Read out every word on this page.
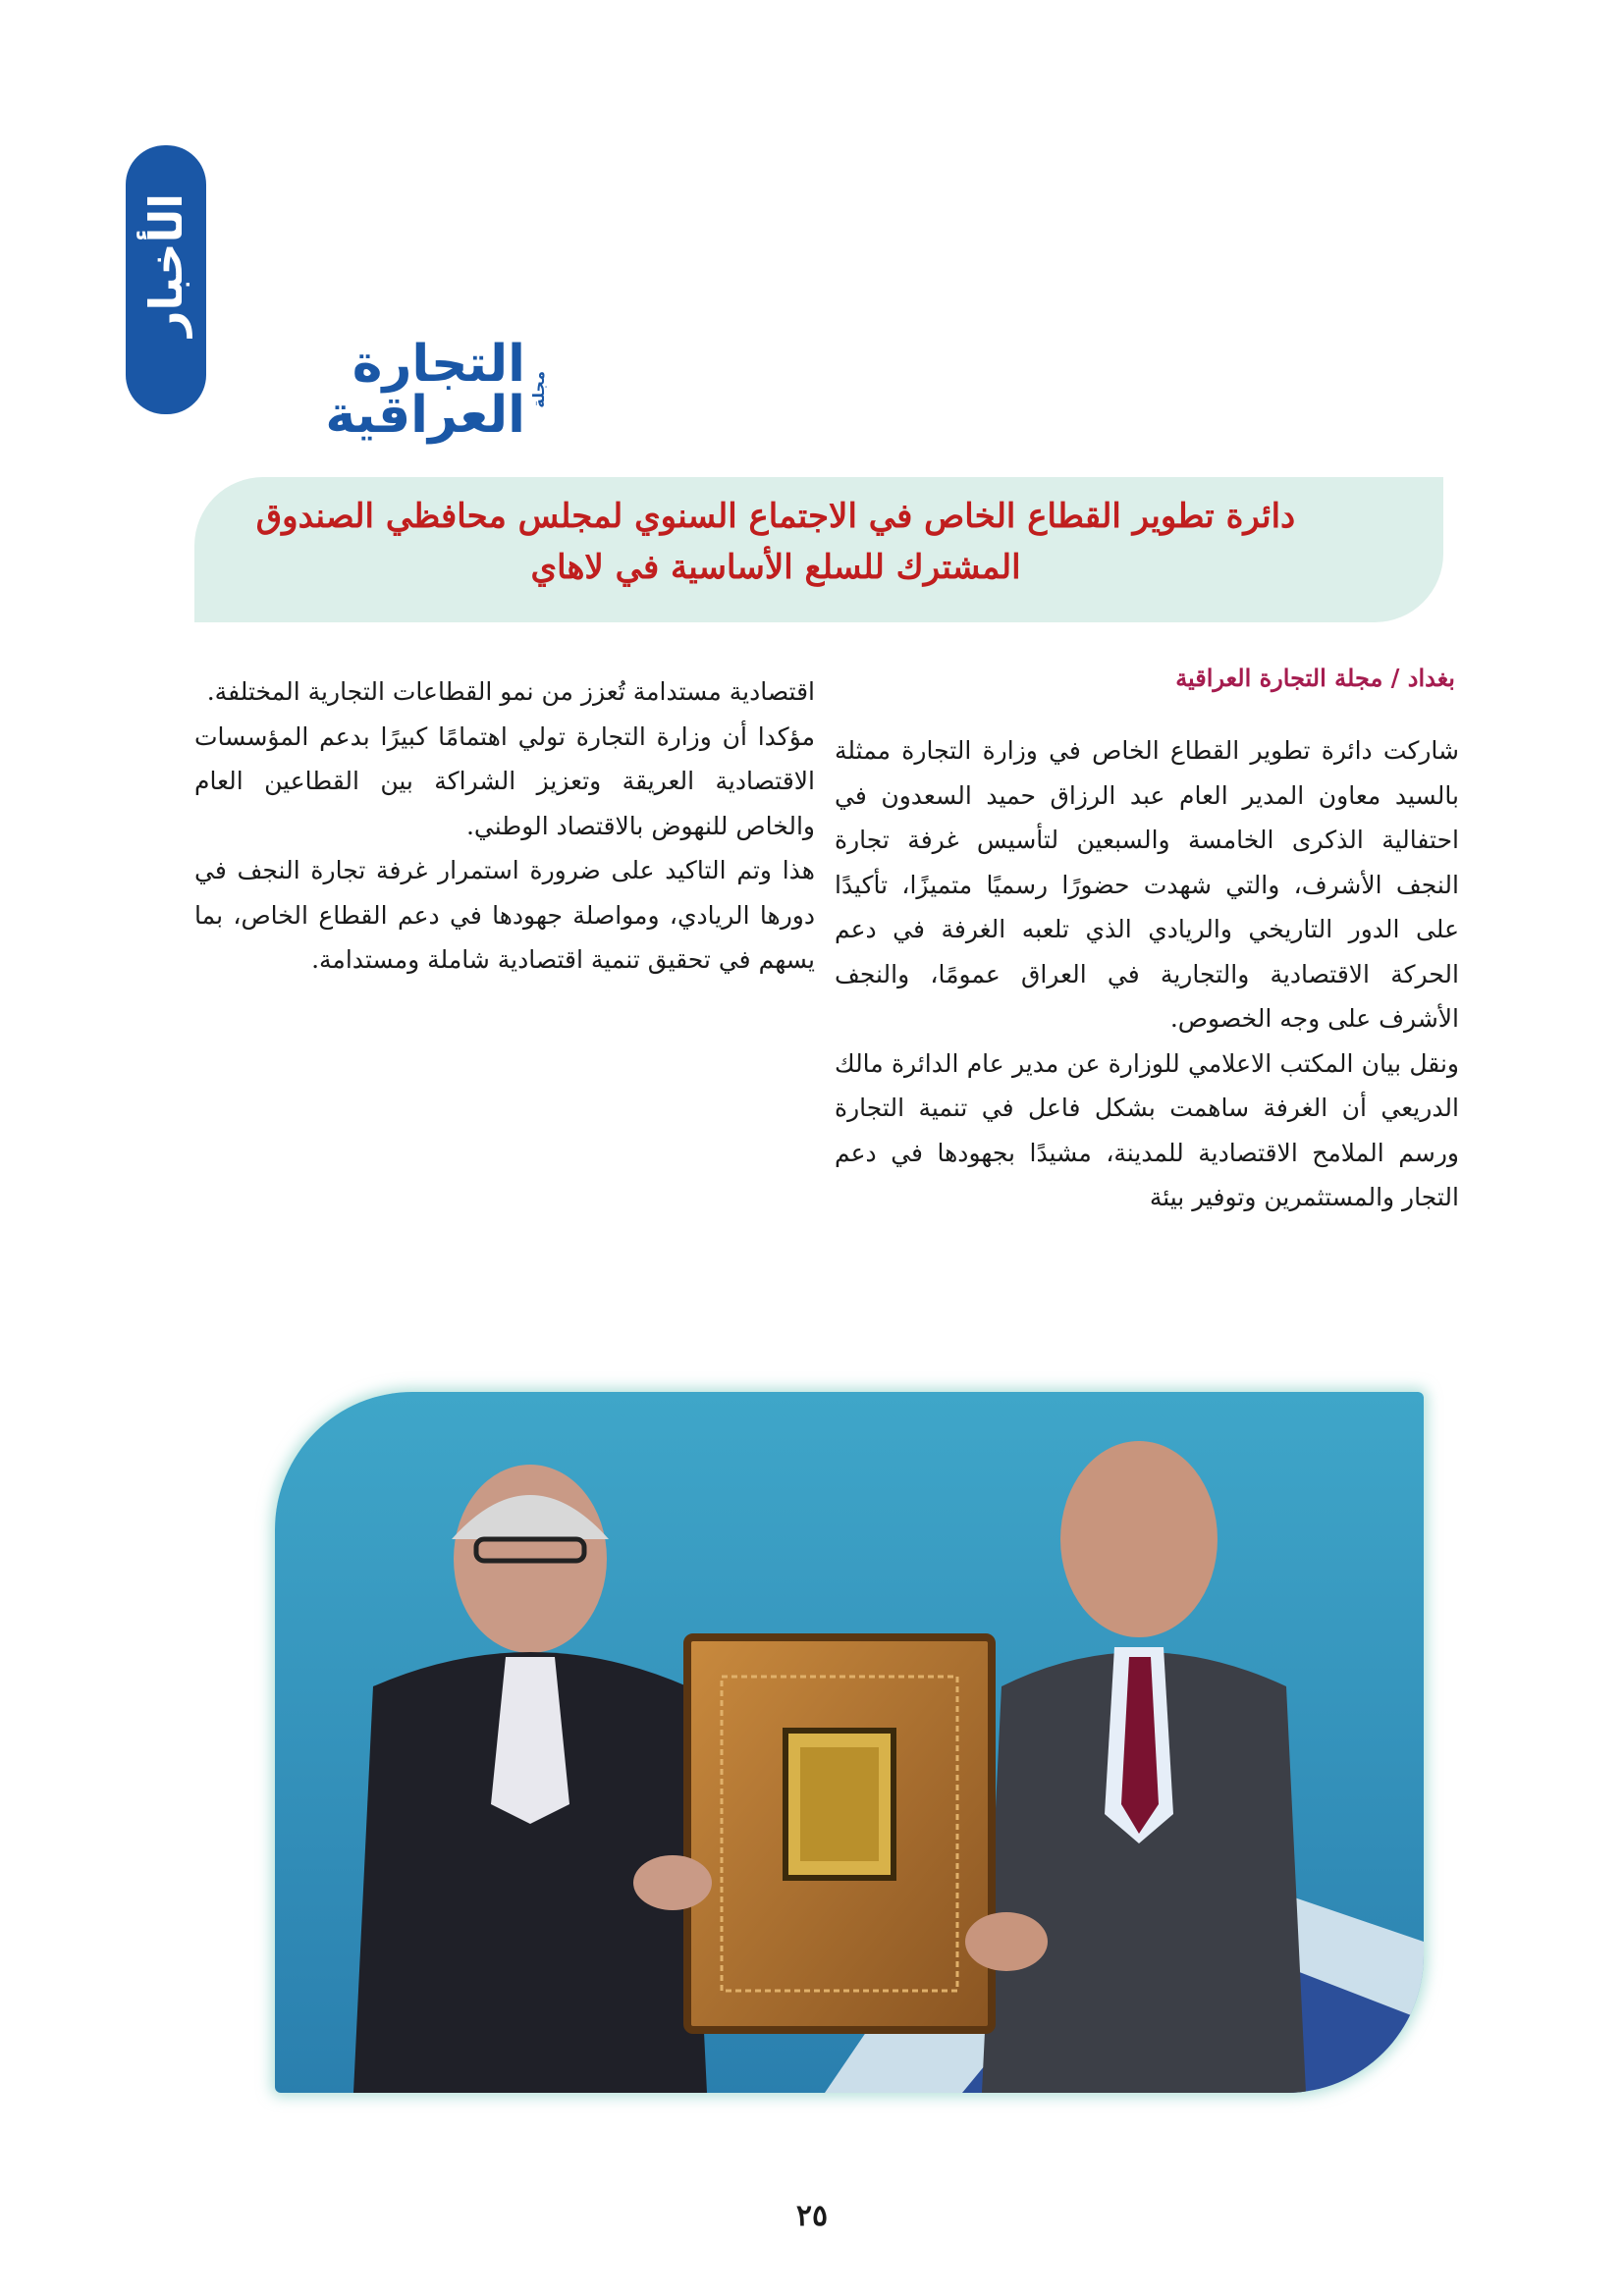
الأخبار
مجلة
التجارة العراقية
دائرة تطوير القطاع الخاص في الاجتماع السنوي لمجلس محافظي الصندوق
المشترك للسلع الأساسية في لاهاي
بغداد / مجلة التجارة العراقية

شاركت دائرة تطوير القطاع الخاص في وزارة التجارة ممثلة بالسيد معاون المدير العام عبد الرزاق حميد السعدون في احتفالية الذكرى الخامسة والسبعين لتأسيس غرفة تجارة النجف الأشرف، والتي شهدت حضورًا رسميًا متميزًا، تأكيدًا على الدور التاريخي والريادي الذي تلعبه الغرفة في دعم الحركة الاقتصادية والتجارية في العراق عمومًا، والنجف الأشرف على وجه الخصوص.

ونقل بيان المكتب الاعلامي للوزارة عن مدير عام الدائرة مالك الدريعي أن الغرفة ساهمت بشكل فاعل في تنمية التجارة ورسم الملامح الاقتصادية للمدينة، مشيدًا بجهودها في دعم التجار والمستثمرين وتوفير بيئة

اقتصادية مستدامة تُعزز من نمو القطاعات التجارية المختلفة.

مؤكدا أن وزارة التجارة تولي اهتمامًا كبيرًا بدعم المؤسسات الاقتصادية العريقة وتعزيز الشراكة بين القطاعين العام والخاص للنهوض بالاقتصاد الوطني.

هذا وتم التاكيد على ضرورة استمرار غرفة تجارة النجف في دورها الريادي، ومواصلة جهودها في دعم القطاع الخاص، بما يسهم في تحقيق تنمية اقتصادية شاملة ومستدامة.

٢٥
